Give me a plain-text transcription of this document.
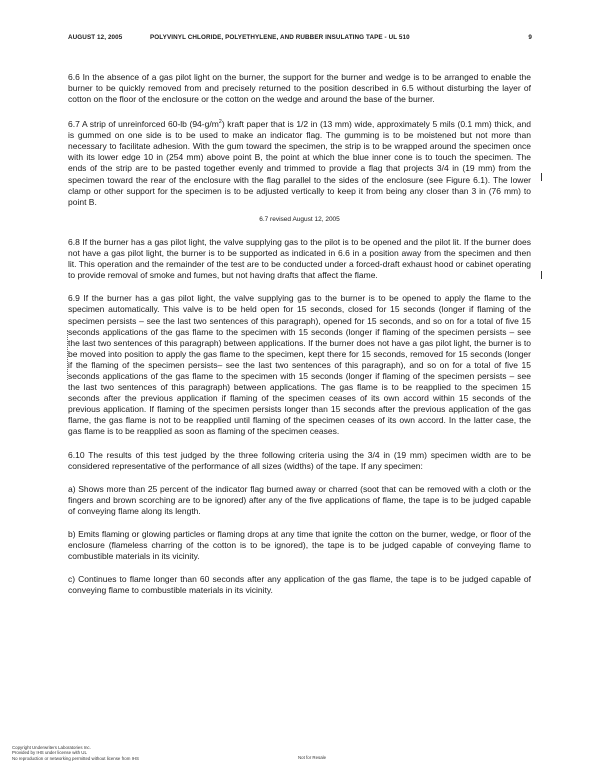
AUGUST 12, 2005	POLYVINYL CHLORIDE, POLYETHYLENE, AND RUBBER INSULATING TAPE - UL 510	9

6.6 In the absence of a gas pilot light on the burner, the support for the burner and wedge is to be arranged to enable the burner to be quickly removed from and precisely returned to the position described in 6.5 without disturbing the layer of cotton on the floor of the enclosure or the cotton on the wedge and around the base of the burner.

6.7 A strip of unreinforced 60-lb $(94-g/m^2)$ kraft paper that is 1/2 in (13 mm) wide, approximately 5 mils (0.1 mm) thick, and is gummed on one side is to be used to make an indicator flag. The gumming is to be moistened but not more than necessary to facilitate adhesion. With the gum toward the specimen, the strip is to be wrapped around the specimen once with its lower edge 10 in (254 mm) above point B, the point at which the blue inner cone is to touch the specimen. The ends of the strip are to be pasted together evenly and trimmed to provide a flag that projects 3/4 in (19 mm) from the specimen toward the rear of the enclosure with the flag parallel to the sides of the enclosure (see Figure 6.1). The lower clamp or other support for the specimen is to be adjusted vertically to keep it from being any closer than 3 in (76 mm) to point B.

6.7 revised August 12, 2005

6.8 If the burner has a gas pilot light, the valve supplying gas to the pilot is to be opened and the pilot lit. If the burner does not have a gas pilot light, the burner is to be supported as indicated in 6.6 in a position away from the specimen and then lit. This operation and the remainder of the test are to be conducted under a forced-draft exhaust hood or cabinet operating to provide removal of smoke and fumes, but not having drafts that affect the flame.

6.9 If the burner has a gas pilot light, the valve supplying gas to the burner is to be opened to apply the flame to the specimen automatically. This valve is to be held open for 15 seconds, closed for 15 seconds (longer if flaming of the specimen persists – see the last two sentences of this paragraph), opened for 15 seconds, and so on for a total of five 15 seconds applications of the gas flame to the specimen with 15 seconds (longer if flaming of the specimen persists – see the last two sentences of this paragraph) between applications. If the burner does not have a gas pilot light, the burner is to be moved into position to apply the gas flame to the specimen, kept there for 15 seconds, removed for 15 seconds (longer if the flaming of the specimen persists– see the last two sentences of this paragraph), and so on for a total of five 15 seconds applications of the gas flame to the specimen with 15 seconds (longer if flaming of the specimen persists – see the last two sentences of this paragraph) between applications. The gas flame is to be reapplied to the specimen 15 seconds after the previous application if flaming of the specimen ceases of its own accord within 15 seconds of the previous application. If flaming of the specimen persists longer than 15 seconds after the previous application of the gas flame, the gas flame is not to be reapplied until flaming of the specimen ceases of its own accord. In the latter case, the gas flame is to be reapplied as soon as flaming of the specimen ceases.

6.10 The results of this test judged by the three following criteria using the 3/4 in (19 mm) specimen width are to be considered representative of the performance of all sizes (widths) of the tape. If any specimen:

a) Shows more than 25 percent of the indicator flag burned away or charred (soot that can be removed with a cloth or the fingers and brown scorching are to be ignored) after any of the five applications of flame, the tape is to be judged capable of conveying flame along its length.

b) Emits flaming or glowing particles or flaming drops at any time that ignite the cotton on the burner, wedge, or floor of the enclosure (flameless charring of the cotton is to be ignored), the tape is to be judged capable of conveying flame to combustible materials in its vicinity.

c) Continues to flame longer than 60 seconds after any application of the gas flame, the tape is to be judged capable of conveying flame to combustible materials in its vicinity.

Copyright Underwriters Laboratories Inc.
Provided by IHS under license with UL
No reproduction or networking permitted without license from IHS	Not for Resale
